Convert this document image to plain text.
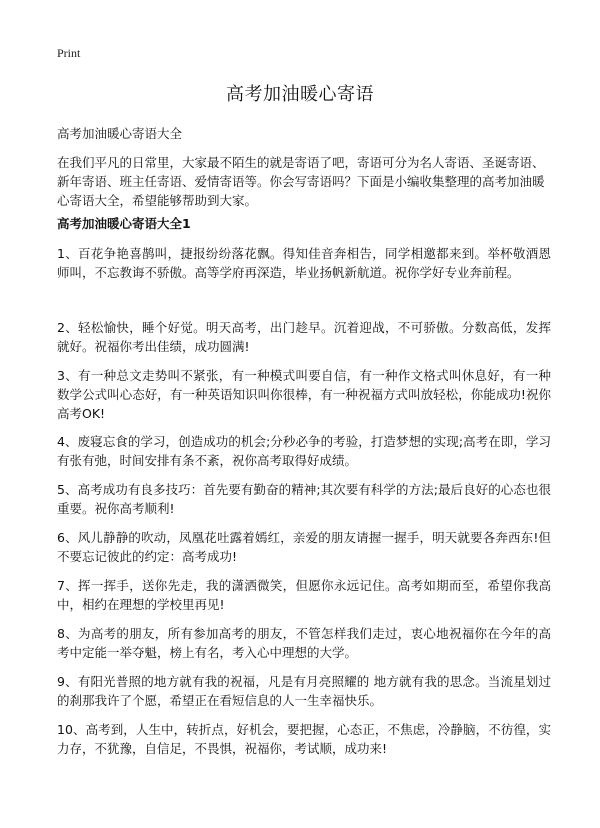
Print
高考加油暖心寄语

高考加油暖心寄语大全

在我们平凡的日常里，大家最不陌生的就是寄语了吧，寄语可分为名人寄语、圣诞寄语、新年寄语、班主任寄语、爱情寄语等。你会写寄语吗？下面是小编收集整理的高考加油暖心寄语大全，希望能够帮助到大家。

高考加油暖心寄语大全1

1、百花争艳喜鹊叫，捷报纷纷落花飘。得知佳音奔相告，同学相邀都来到。举杯敬酒恩师叫，不忘教诲不骄傲。高等学府再深造，毕业扬帆新航道。祝你学好专业奔前程。

2、轻松愉快，睡个好觉。明天高考，出门趁早。沉着迎战，不可骄傲。分数高低，发挥就好。祝福你考出佳绩，成功圆满!

3、有一种总文走势叫不紧张，有一种模式叫要自信，有一种作文格式叫休息好，有一种数学公式叫心态好，有一种英语知识叫你很棒，有一种祝福方式叫放轻松，你能成功!祝你高考OK!

4、废寝忘食的学习，创造成功的机会;分秒必争的考验，打造梦想的实现;高考在即，学习有张有弛，时间安排有条不紊，祝你高考取得好成绩。

5、高考成功有良多技巧：首先要有勤奋的精神;其次要有科学的方法;最后良好的心态也很重要。祝你高考顺利!

6、风儿静静的吹动，凤凰花吐露着嫣红，亲爱的朋友请握一握手，明天就要各奔西东!但不要忘记彼此的约定：高考成功!

7、挥一挥手，送你先走，我的潇洒微笑，但愿你永远记住。高考如期而至，希望你我高中，相约在理想的学校里再见!

8、为高考的朋友，所有参加高考的朋友，不管怎样我们走过，衷心地祝福你在今年的高考中定能一举夺魁，榜上有名，考入心中理想的大学。

9、有阳光普照的地方就有我的祝福，凡是有月亮照耀的 地方就有我的思念。当流星划过的刹那我许了个愿，希望正在看短信息的人一生幸福快乐。

10、高考到，人生中，转折点，好机会，要把握，心态正，不焦虑，冷静脑，不彷徨，实力存，不犹豫，自信足，不畏惧，祝福你，考试顺，成功来!
